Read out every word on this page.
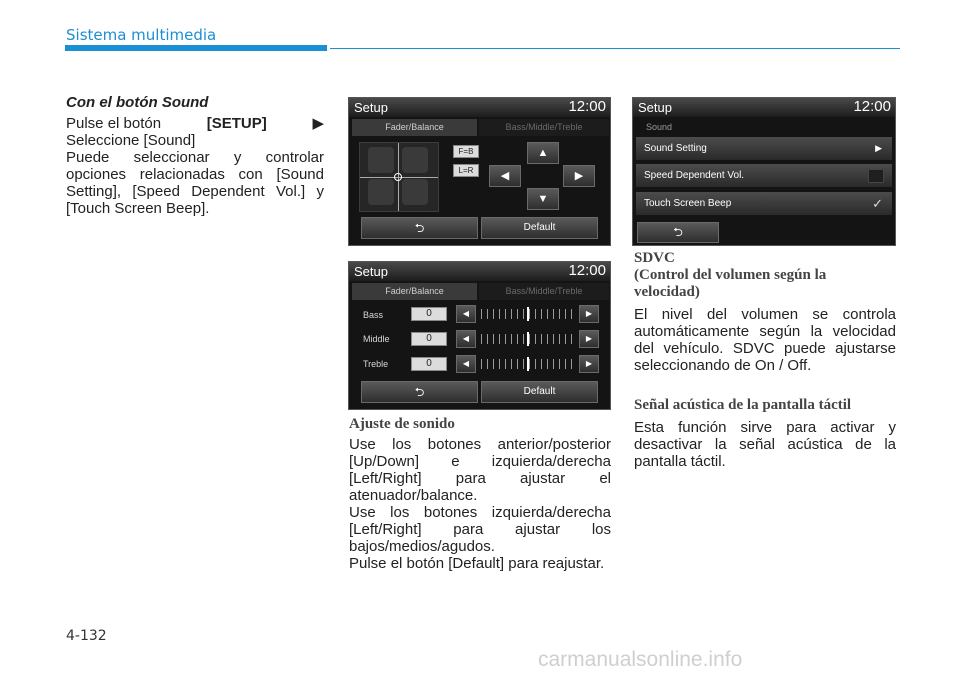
Sistema multimedia
Con el botón Sound
Pulse el botón	[SETUP]	▶
Seleccione [Sound]
Puede seleccionar y controlar opciones relacionadas con [Sound Setting], [Speed Dependent Vol.] y [Touch Screen Beep].
Setup	12:00
Fader/Balance	Bass/Middle/Treble
F=B
L=R
▲
◀	▶
▼
⮌	Default
Setup	12:00
Fader/Balance	Bass/Middle/Treble
Bass	0	◀	▶
Middle	0	◀	▶
Treble	0	◀	▶
⮌	Default
Setup	12:00
Sound
Sound Setting	▶
Speed Dependent Vol.
Touch Screen Beep	✓
⮌
Ajuste de sonido
Use los botones anterior/posterior [Up/Down] e izquierda/derecha [Left/Right] para ajustar el atenuador/balance.
Use los botones izquierda/derecha [Left/Right] para ajustar los bajos/medios/agudos.
Pulse el botón [Default] para reajustar.
SDVC
(Control del volumen según la velocidad)
El nivel del volumen se controla automáticamente según la velocidad del vehículo. SDVC puede ajustarse seleccionando de On / Off.
Señal acústica de la pantalla táctil
Esta función sirve para activar y desactivar la señal acústica de la pantalla táctil.
4-132
carmanualsonline.info
